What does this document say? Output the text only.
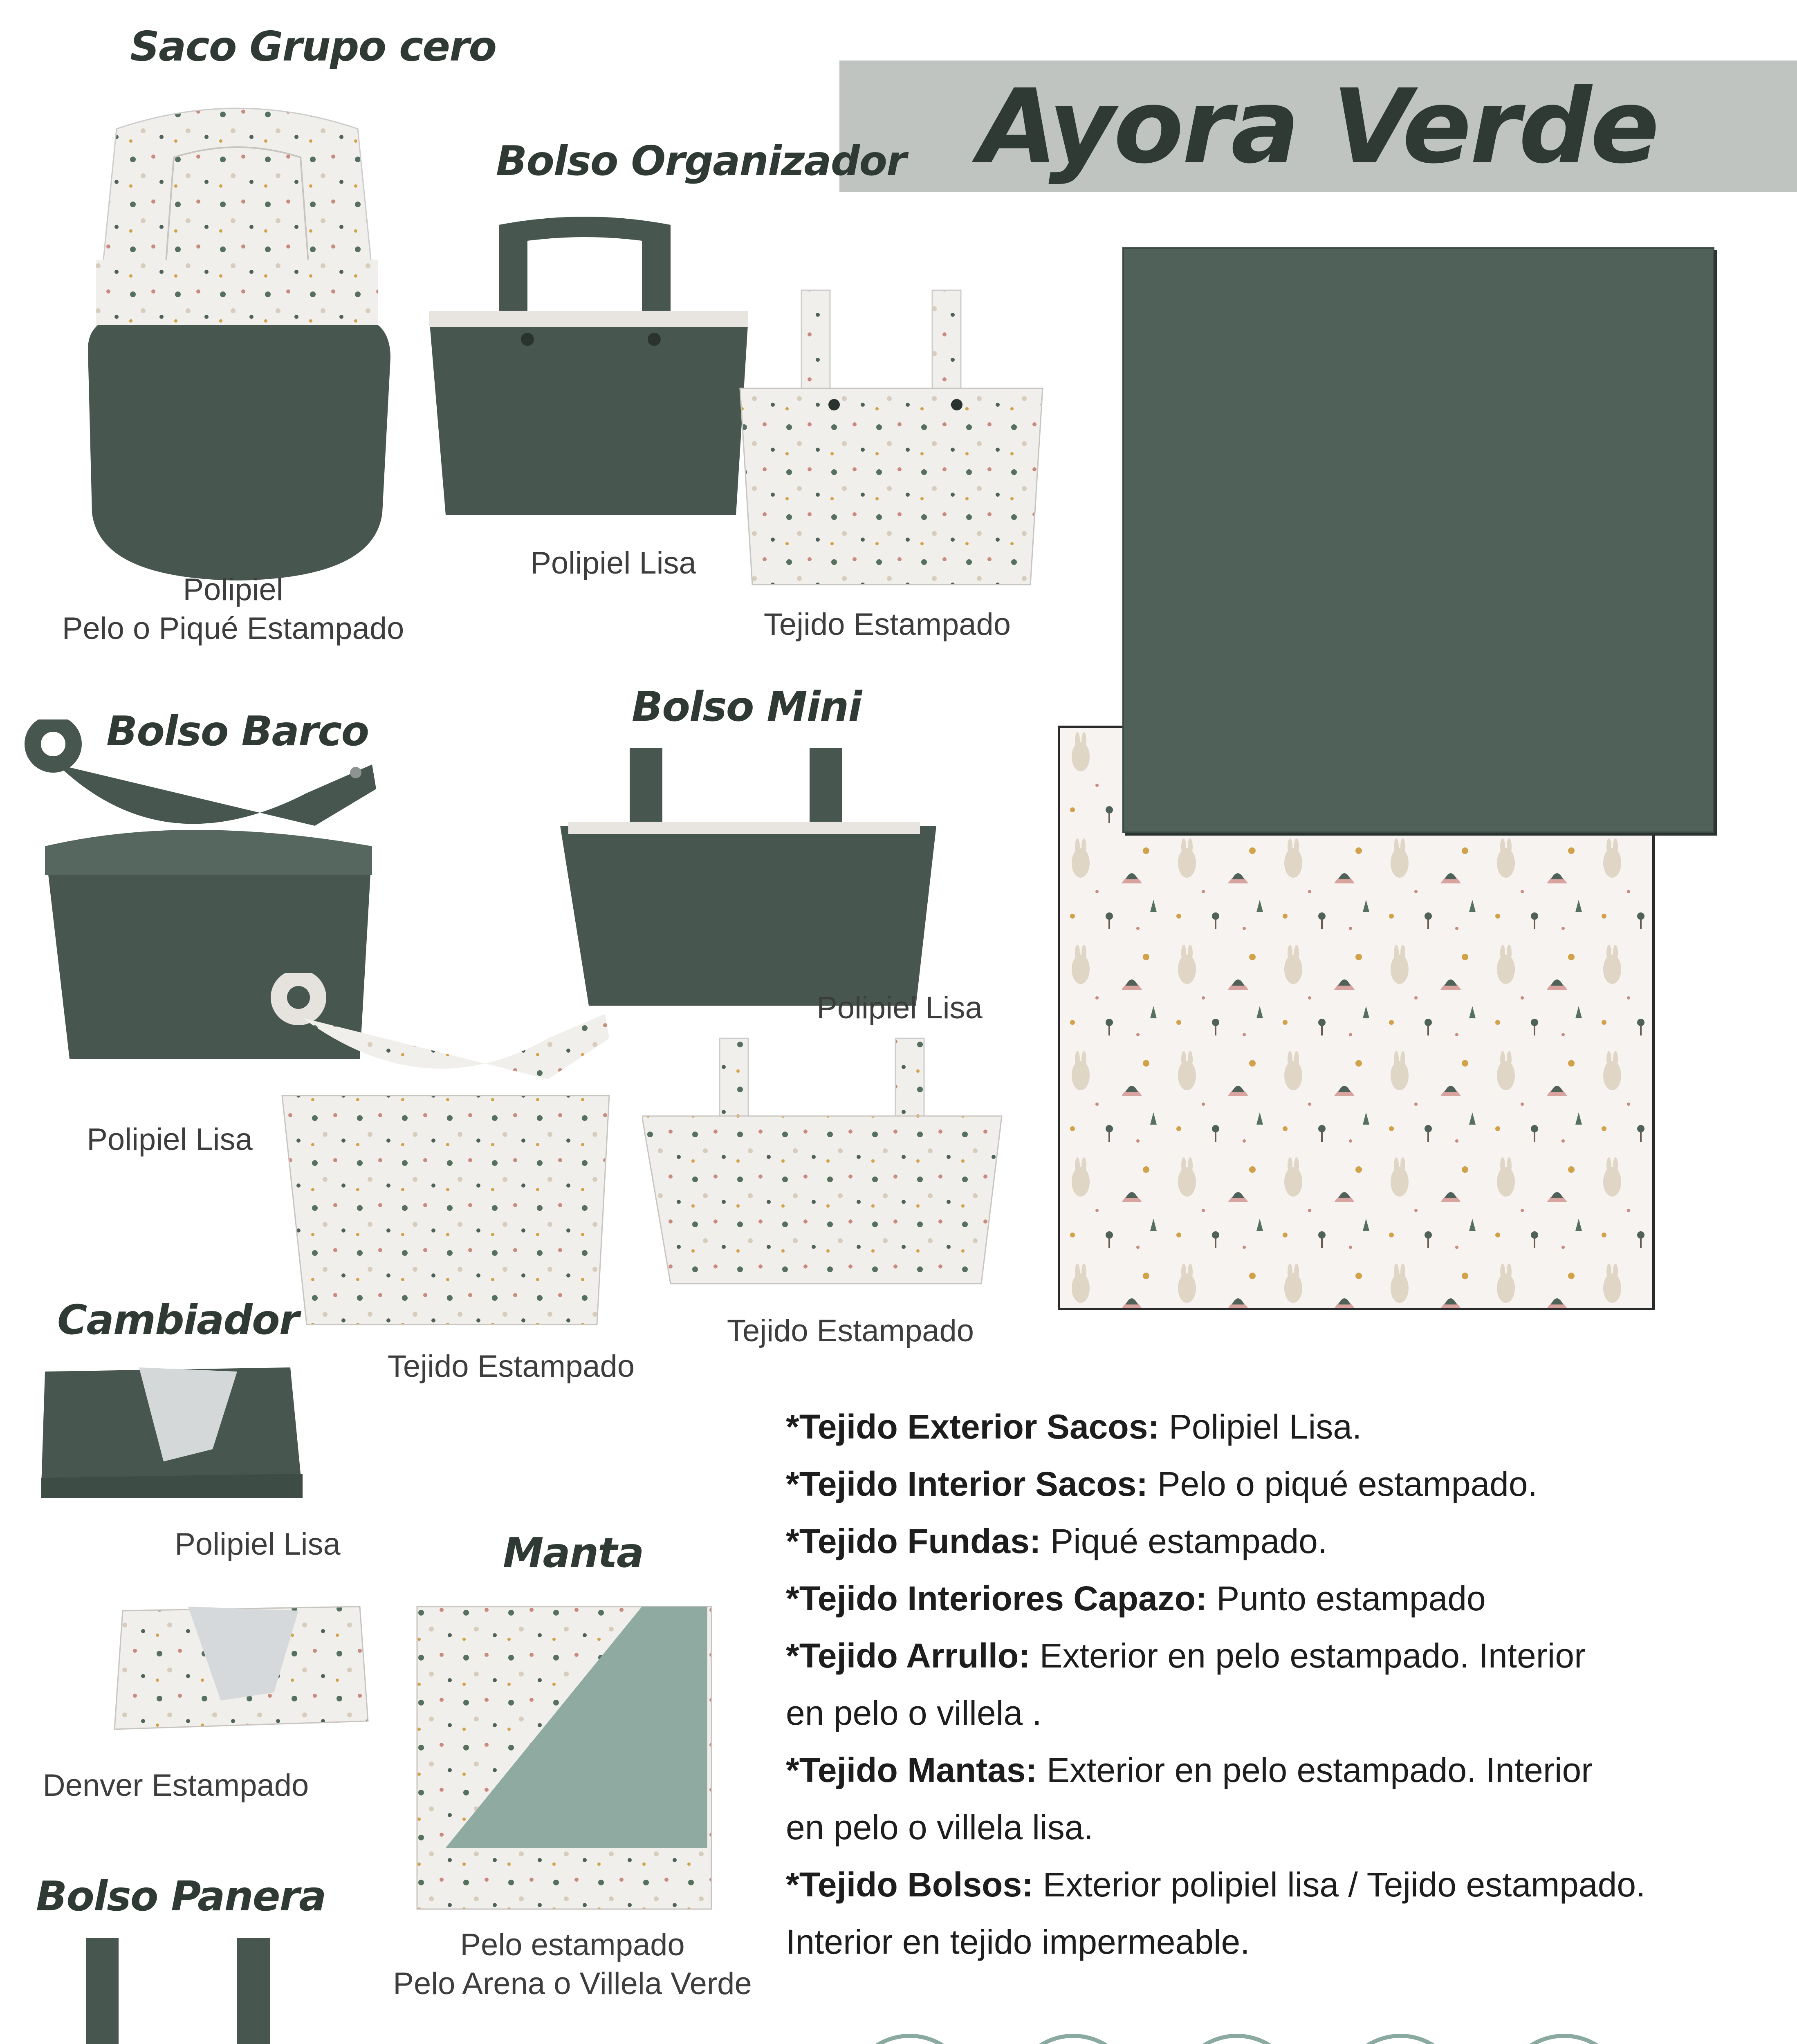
Ayora Verde
Saco Grupo cero
Bolso Organizador
Bolso Barco
Bolso Mini
Cambiador
Manta
Bolso Panera
Polipiel
Pelo o Piqué Estampado
Polipiel Lisa
Tejido Estampado
Polipiel Lisa
Tejido Estampado
Polipiel Lisa
Tejido Estampado
Polipiel Lisa
Denver Estampado
Pelo estampado
Pelo Arena o Villela Verde
*Tejido Exterior Sacos: Polipiel Lisa.
*Tejido Interior Sacos: Pelo o piqué estampado.
*Tejido Fundas: Piqué estampado.
*Tejido Interiores Capazo: Punto estampado
*Tejido Arrullo: Exterior en pelo estampado. Interior
en pelo o villela .
*Tejido Mantas: Exterior en pelo estampado. Interior
en pelo o villela lisa.
*Tejido Bolsos: Exterior polipiel lisa / Tejido estampado.
Interior en tejido impermeable.
